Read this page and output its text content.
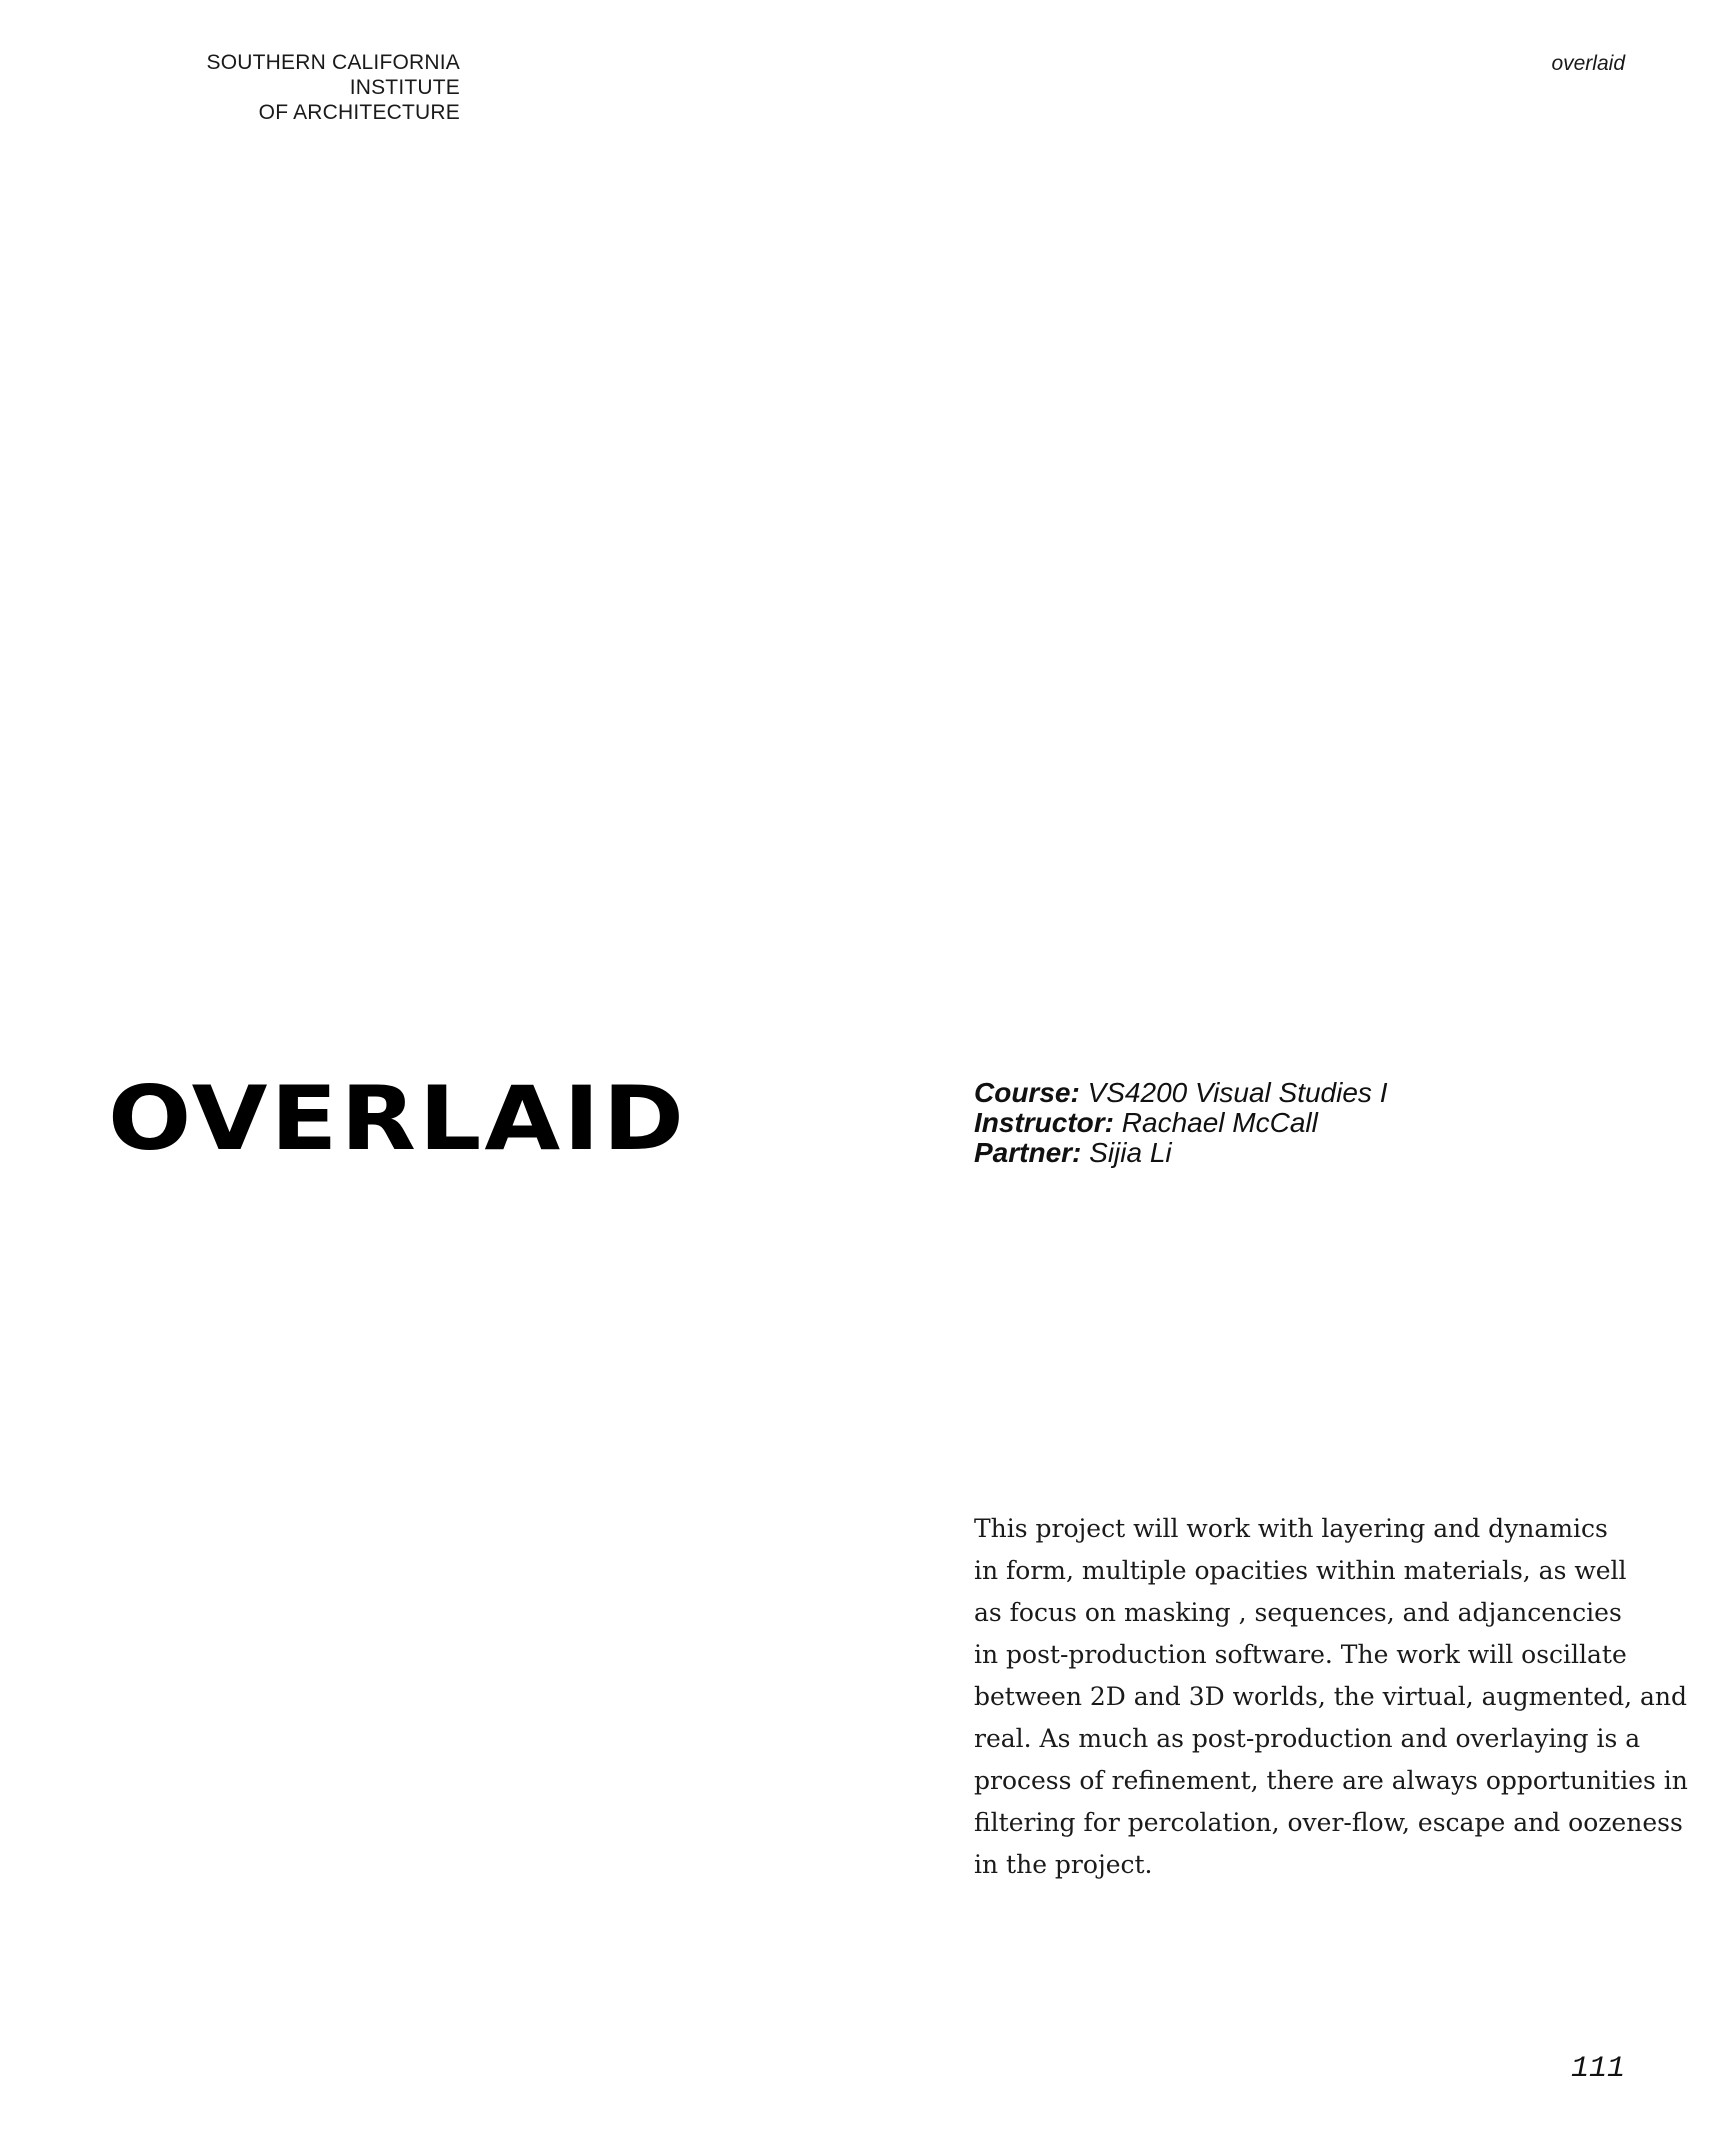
SOUTHERN CALIFORNIA INSTITUTE
OF ARCHITECTURE
overlaid
OVERLAID	Course: VS4200 Visual Studies I
Instructor: Rachael McCall
Partner: Sijia Li
This project will work with layering and dynamics
in form, multiple opacities within materials, as well
as focus on masking , sequences, and adjancencies
in post-production software. The work will oscillate
between 2D and 3D worlds, the virtual, augmented, and
real. As much as post-production and overlaying is a
process of refinement, there are always opportunities in
filtering for percolation, over-flow, escape and oozeness
in the project.
111
